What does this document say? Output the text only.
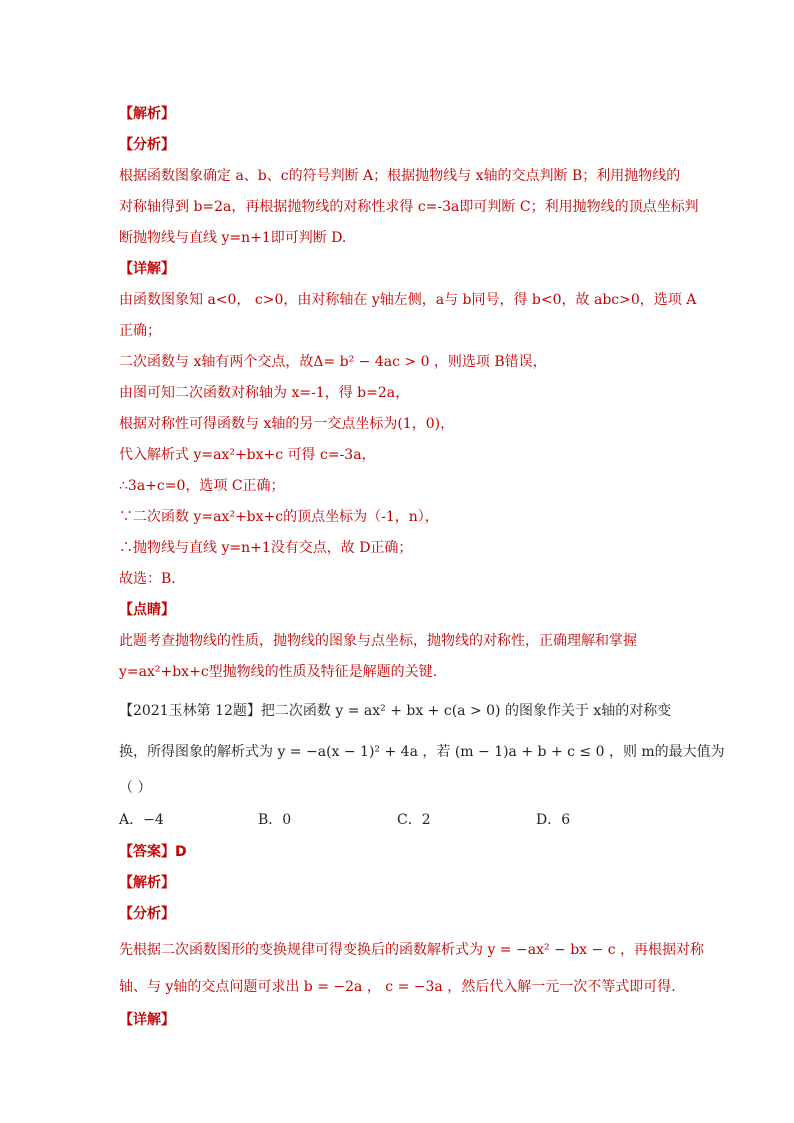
【解析】
【分析】
根据函数图象确定 a、b、c的符号判断 A；根据抛物线与 x轴的交点判断 B；利用抛物线的
对称轴得到 b=2a，再根据抛物线的对称性求得 c=-3a即可判断 C；利用抛物线的顶点坐标判
断抛物线与直线 y=n+1即可判断 D.
【详解】
由函数图象知 a<0， c>0，由对称轴在 y轴左侧，a与 b同号，得 b<0，故 abc>0，选项 A
正确；
二次函数与 x轴有两个交点，故Δ= b² − 4ac > 0 ，则选项 B错误，
由图可知二次函数对称轴为 x=-1，得 b=2a，
根据对称性可得函数与 x轴的另一交点坐标为(1，0)，
代入解析式 y=ax²+bx+c 可得 c=-3a，
∴3a+c=0，选项 C正确；
∵二次函数 y=ax²+bx+c的顶点坐标为（-1，n），
∴抛物线与直线 y=n+1没有交点，故 D正确；
故选：B.
【点睛】
此题考查抛物线的性质，抛物线的图象与点坐标，抛物线的对称性，正确理解和掌握
y=ax²+bx+c型抛物线的性质及特征是解题的关键.
【2021玉林第 12题】把二次函数 y = ax² + bx + c(a > 0) 的图象作关于 x轴的对称变
换，所得图象的解析式为 y = −a(x − 1)² + 4a ，若 (m − 1)a + b + c ≤ 0 ，则 m的最大值为
（ ）
A．−4	B．0	C．2	D．6
【答案】D
【解析】
【分析】
先根据二次函数图形的变换规律可得变换后的函数解析式为 y = −ax² − bx − c ，再根据对称
轴、与 y轴的交点问题可求出 b = −2a ， c = −3a ，然后代入解一元一次不等式即可得.
【详解】
